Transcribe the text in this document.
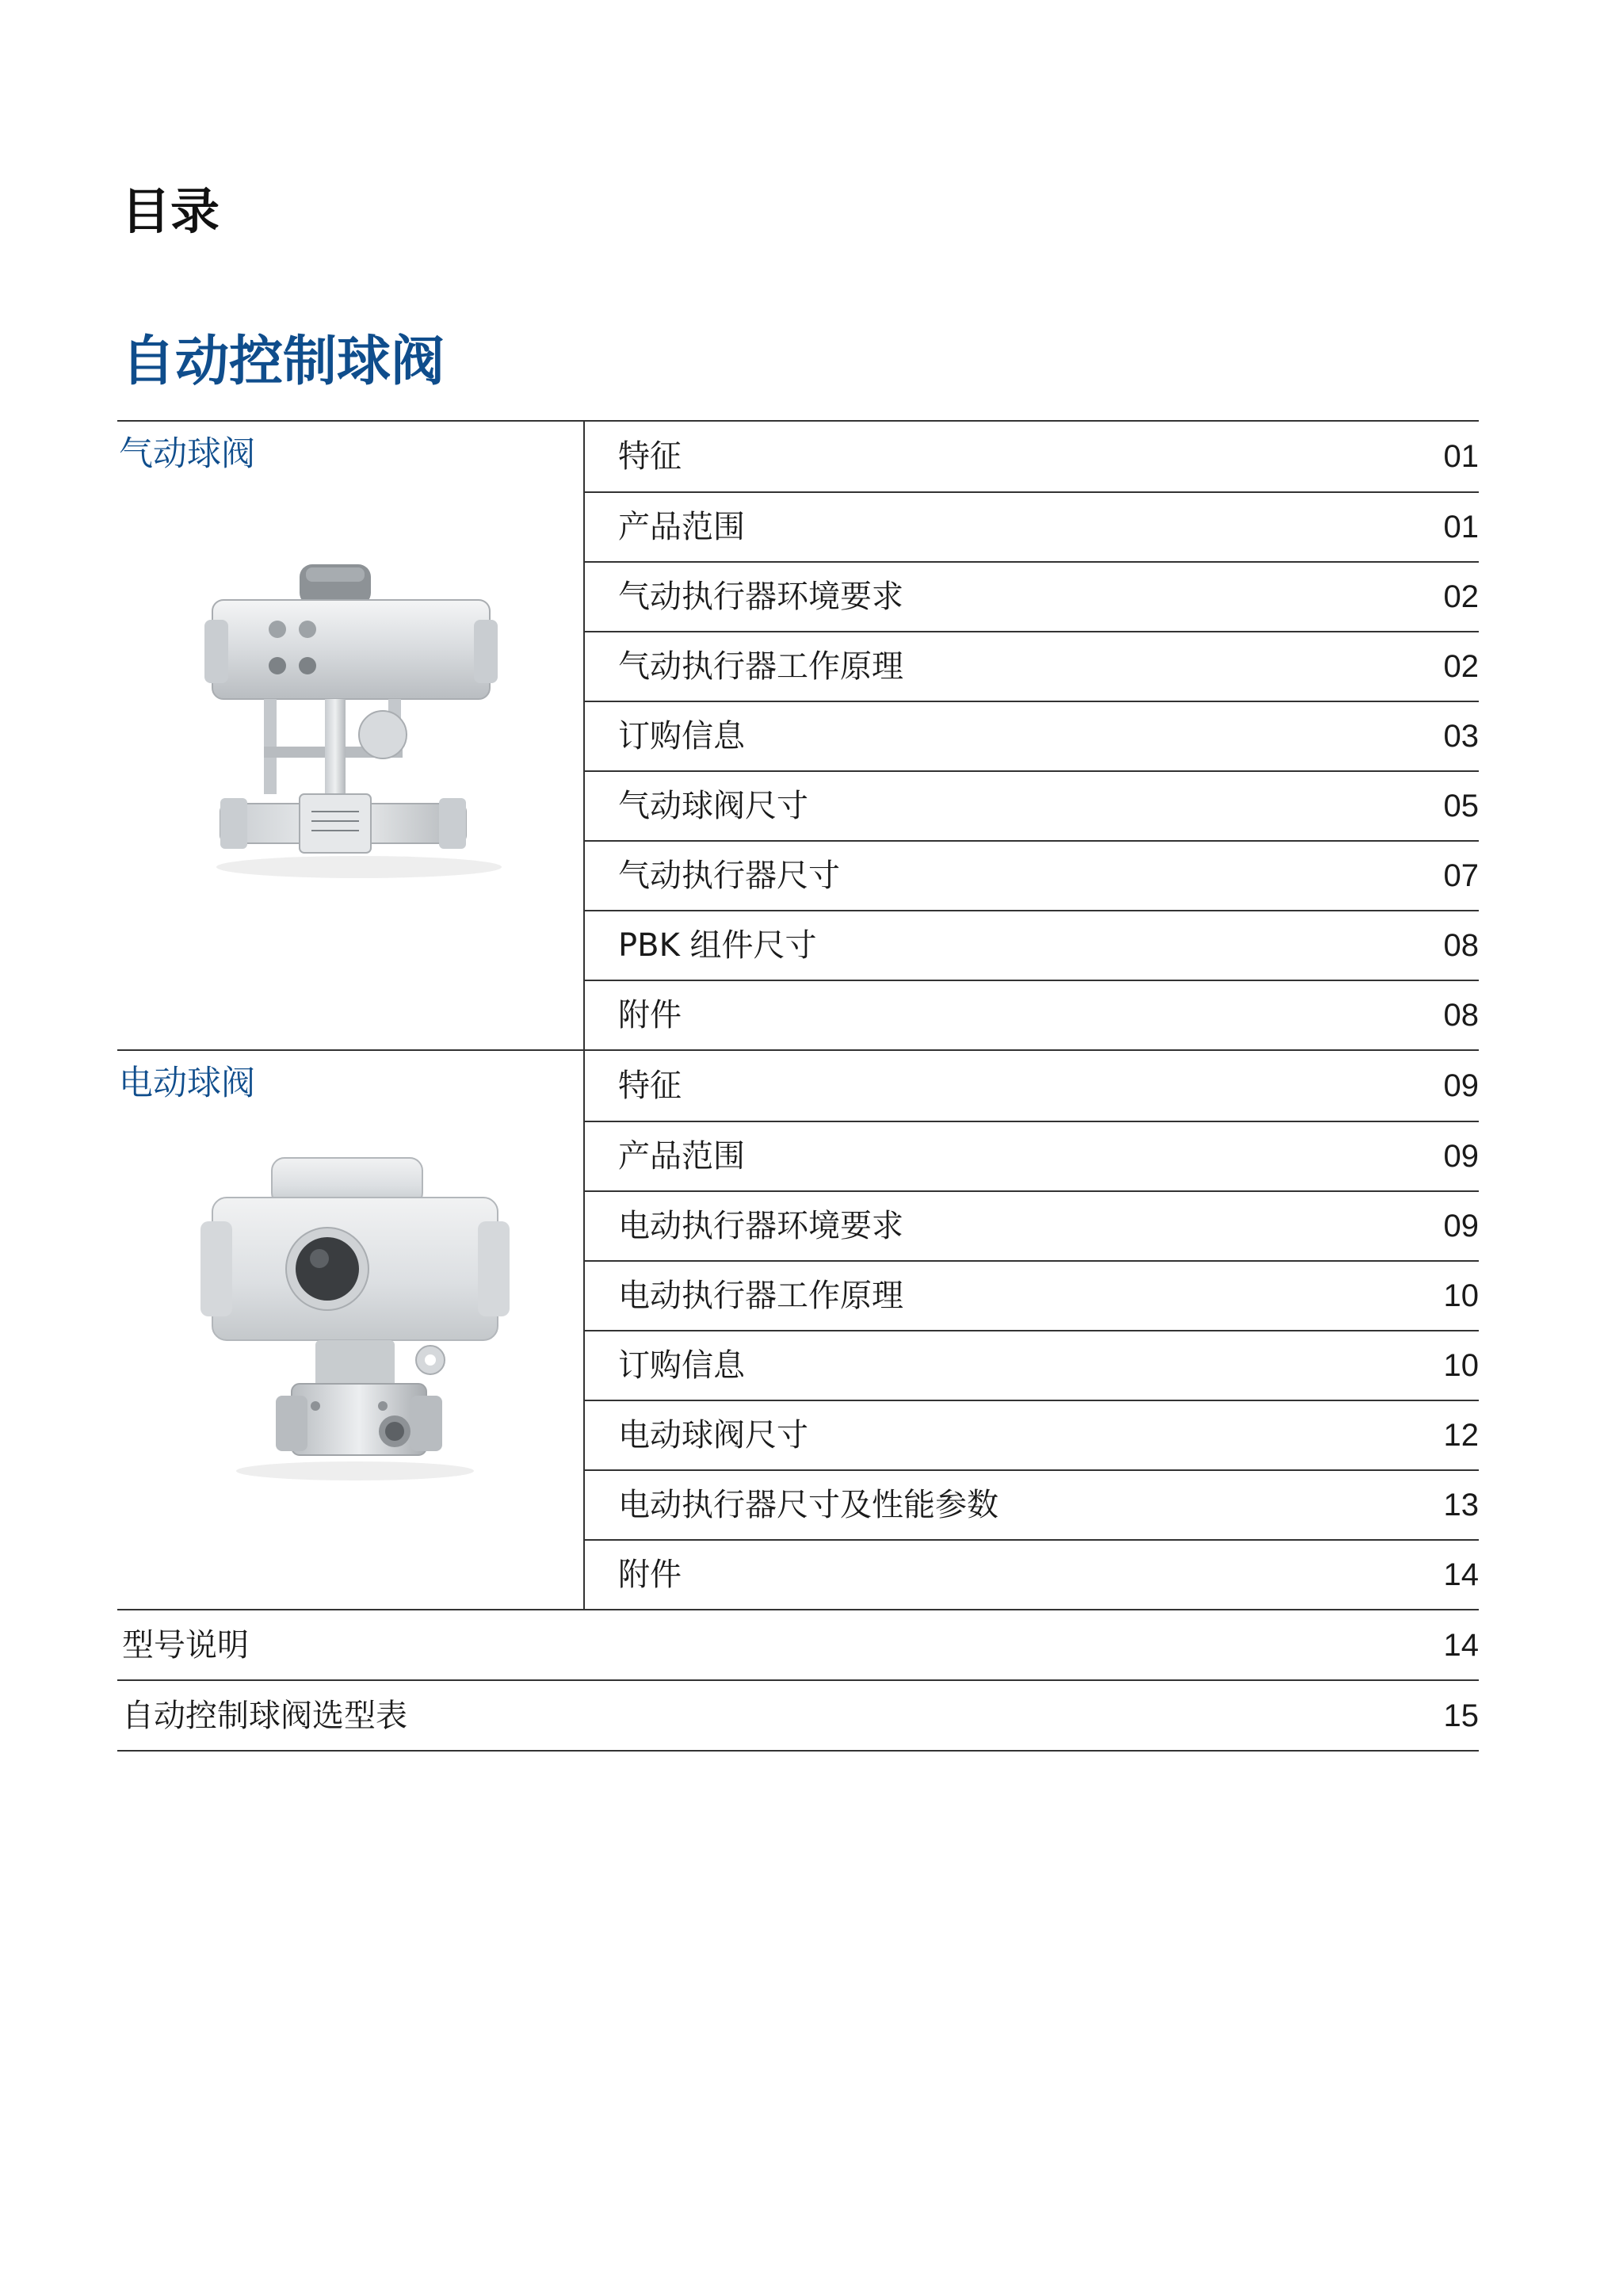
目录
自动控制球阀
气动球阀	特征	01
产品范围	01
气动执行器环境要求	02
气动执行器工作原理	02
订购信息	03
气动球阀尺寸	05
气动执行器尺寸	07
PBK 组件尺寸	08
附件	08
电动球阀	特征	09
产品范围	09
电动执行器环境要求	09
电动执行器工作原理	10
订购信息	10
电动球阀尺寸	12
电动执行器尺寸及性能参数	13
附件	14
型号说明	14
自动控制球阀选型表	15
